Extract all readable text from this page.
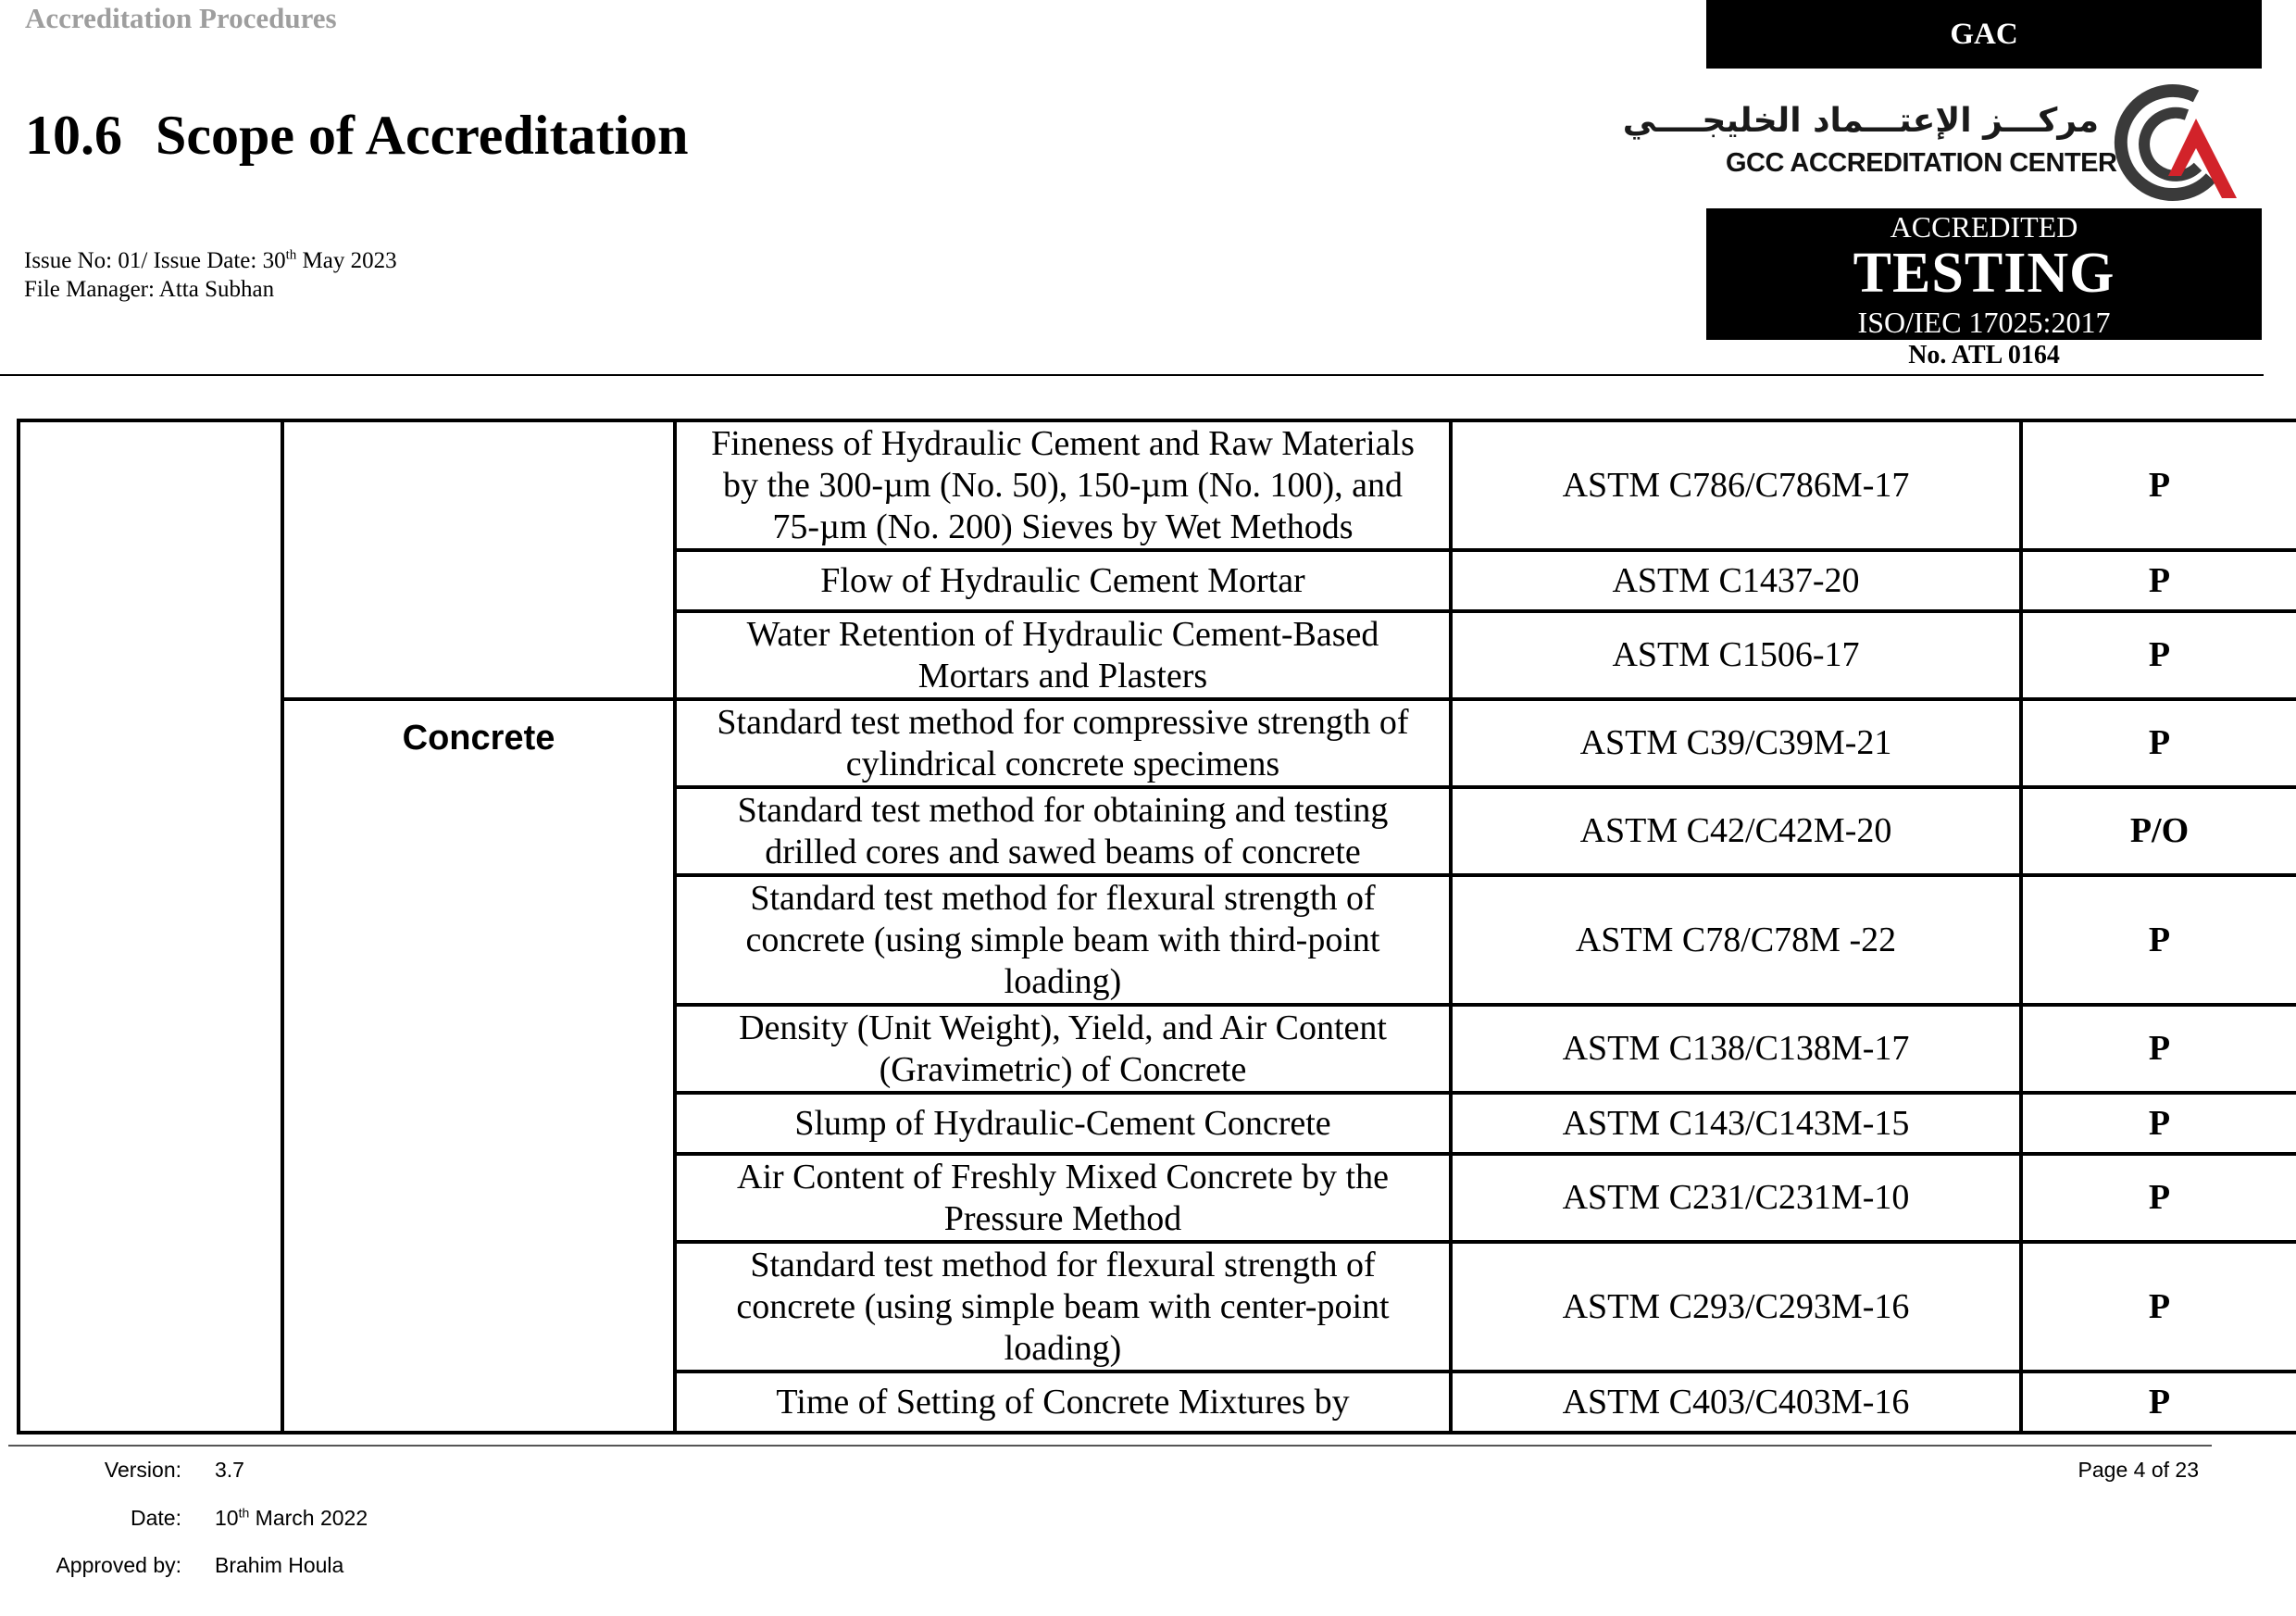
Accreditation Procedures
10.6 Scope of Accreditation
Issue No: 01/ Issue Date: 30th May 2023
File Manager: Atta Subhan
GAC
مركـــز الإعتـــماد الخليجــــي
GCC ACCREDITATION CENTER
ACCREDITED
TESTING
ISO/IEC 17025:2017
No. ATL 0164
		Fineness of Hydraulic Cement and Raw Materials
by the 300-µm (No. 50), 150-µm (No. 100), and
75-µm (No. 200) Sieves by Wet Methods	ASTM C786/C786M-17	P
		Flow of Hydraulic Cement Mortar	ASTM C1437-20	P
		Water Retention of Hydraulic Cement-Based
Mortars and Plasters	ASTM C1506-17	P
	Concrete	Standard test method for compressive strength of
cylindrical concrete specimens	ASTM C39/C39M-21	P
		Standard test method for obtaining and testing
drilled cores and sawed beams of concrete	ASTM C42/C42M-20	P/O
		Standard test method for flexural strength of
concrete (using simple beam with third-point
loading)	ASTM C78/C78M -22	P
		Density (Unit Weight), Yield, and Air Content
(Gravimetric) of Concrete	ASTM C138/C138M-17	P
		Slump of Hydraulic-Cement Concrete	ASTM C143/C143M-15	P
		Air Content of Freshly Mixed Concrete by the
Pressure Method	ASTM C231/C231M-10	P
		Standard test method for flexural strength of
concrete (using simple beam with center-point
loading)	ASTM C293/C293M-16	P
		Time of Setting of Concrete Mixtures by	ASTM C403/C403M-16	P
Version: 3.7
Date: 10th March 2022
Approved by: Brahim Houla
Page 4 of 23
